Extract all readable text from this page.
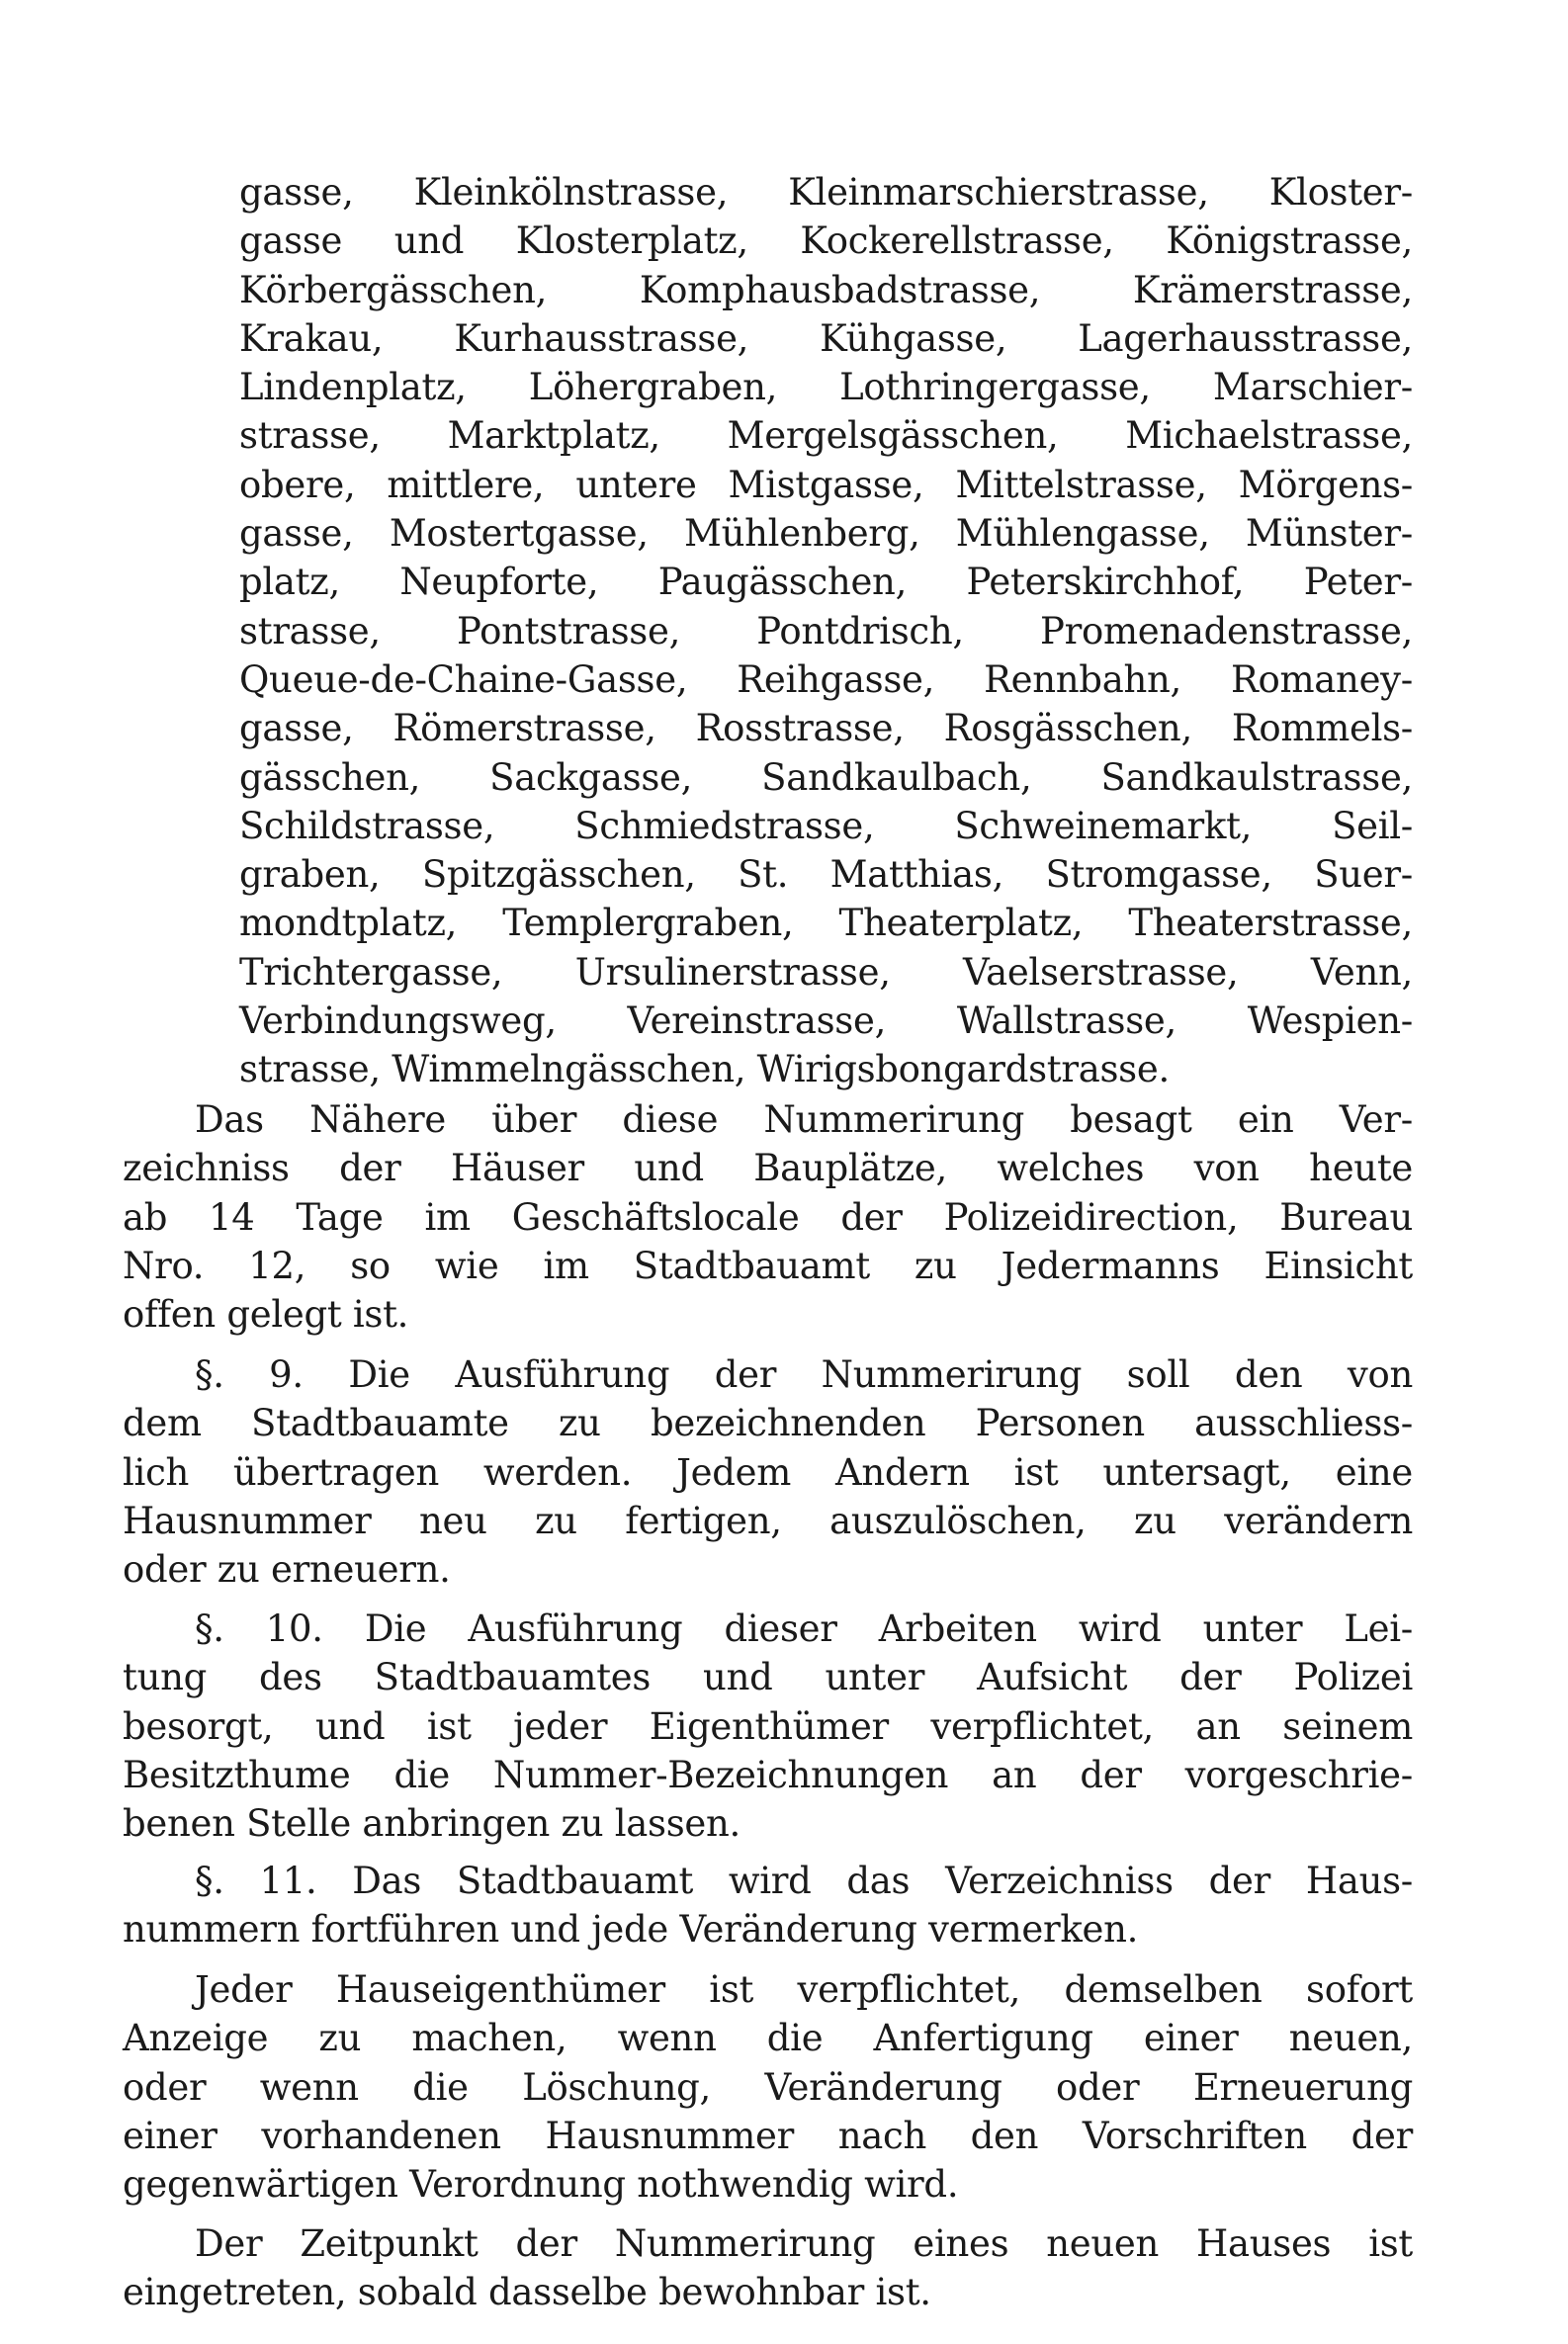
gasse, Kleinkölnstrasse, Kleinmarschierstrasse, Kloster-
gasse und Klosterplatz, Kockerellstrasse, Königstrasse,
Körbergässchen, Komphausbadstrasse, Krämerstrasse,
Krakau, Kurhausstrasse, Kühgasse, Lagerhausstrasse,
Lindenplatz, Löhergraben, Lothringergasse, Marschier-
strasse, Marktplatz, Mergelsgässchen, Michaelstrasse,
obere, mittlere, untere Mistgasse, Mittelstrasse, Mörgens-
gasse, Mostertgasse, Mühlenberg, Mühlengasse, Münster-
platz, Neupforte, Paugässchen, Peterskirchhof, Peter-
strasse, Pontstrasse, Pontdrisch, Promenadenstrasse,
Queue-de-Chaine-Gasse, Reihgasse, Rennbahn, Romaney-
gasse, Römerstrasse, Rosstrasse, Rosgässchen, Rommels-
gässchen, Sackgasse, Sandkaulbach, Sandkaulstrasse,
Schildstrasse, Schmiedstrasse, Schweinemarkt, Seil-
graben, Spitzgässchen, St. Matthias, Stromgasse, Suer-
mondtplatz, Templergraben, Theaterplatz, Theaterstrasse,
Trichtergasse, Ursulinerstrasse, Vaelserstrasse, Venn,
Verbindungsweg, Vereinstrasse, Wallstrasse, Wespien-
strasse, Wimmelngässchen, Wirigsbongardstrasse.
Das Nähere über diese Nummerirung besagt ein Ver-
zeichniss der Häuser und Bauplätze, welches von heute
ab 14 Tage im Geschäftslocale der Polizeidirection, Bureau
Nro. 12, so wie im Stadtbauamt zu Jedermanns Einsicht
offen gelegt ist.
§. 9. Die Ausführung der Nummerirung soll den von
dem Stadtbauamte zu bezeichnenden Personen ausschliess-
lich übertragen werden. Jedem Andern ist untersagt, eine
Hausnummer neu zu fertigen, auszulöschen, zu verändern
oder zu erneuern.
§. 10. Die Ausführung dieser Arbeiten wird unter Lei-
tung des Stadtbauamtes und unter Aufsicht der Polizei
besorgt, und ist jeder Eigenthümer verpflichtet, an seinem
Besitzthume die Nummer-Bezeichnungen an der vorgeschrie-
benen Stelle anbringen zu lassen.
§. 11. Das Stadtbauamt wird das Verzeichniss der Haus-
nummern fortführen und jede Veränderung vermerken.
Jeder Hauseigenthümer ist verpflichtet, demselben sofort
Anzeige zu machen, wenn die Anfertigung einer neuen,
oder wenn die Löschung, Veränderung oder Erneuerung
einer vorhandenen Hausnummer nach den Vorschriften der
gegenwärtigen Verordnung nothwendig wird.
Der Zeitpunkt der Nummerirung eines neuen Hauses ist
eingetreten, sobald dasselbe bewohnbar ist.
